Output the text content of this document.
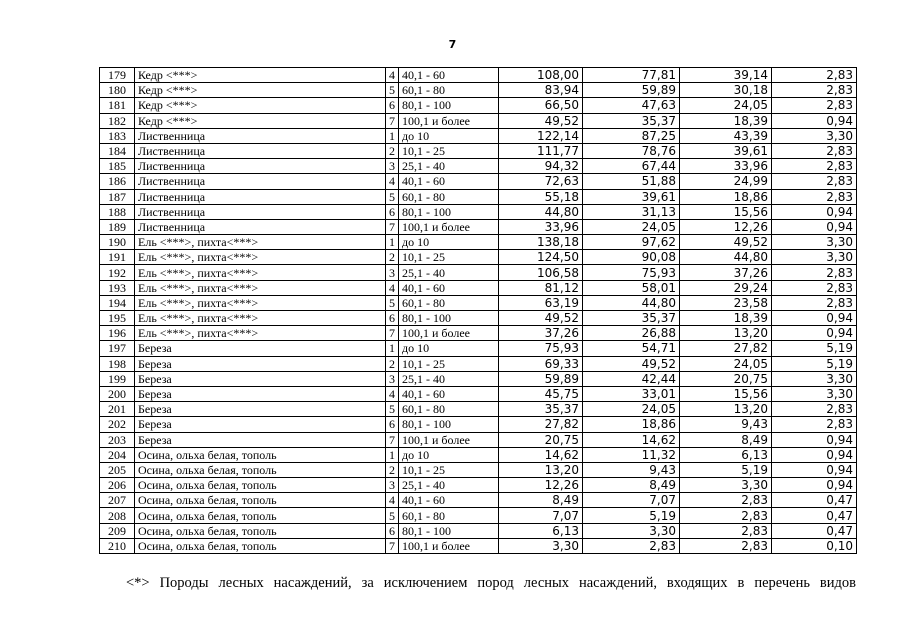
7
179	Кедр <***>	4	40,1 - 60	108,00	77,81	39,14	2,83
180	Кедр <***>	5	60,1 - 80	83,94	59,89	30,18	2,83
181	Кедр <***>	6	80,1 - 100	66,50	47,63	24,05	2,83
182	Кедр <***>	7	100,1 и более	49,52	35,37	18,39	0,94
183	Лиственница	1	до 10	122,14	87,25	43,39	3,30
184	Лиственница	2	10,1 - 25	111,77	78,76	39,61	2,83
185	Лиственница	3	25,1 - 40	94,32	67,44	33,96	2,83
186	Лиственница	4	40,1 - 60	72,63	51,88	24,99	2,83
187	Лиственница	5	60,1 - 80	55,18	39,61	18,86	2,83
188	Лиственница	6	80,1 - 100	44,80	31,13	15,56	0,94
189	Лиственница	7	100,1 и более	33,96	24,05	12,26	0,94
190	Ель <***>, пихта<***>	1	до 10	138,18	97,62	49,52	3,30
191	Ель <***>, пихта<***>	2	10,1 - 25	124,50	90,08	44,80	3,30
192	Ель <***>, пихта<***>	3	25,1 - 40	106,58	75,93	37,26	2,83
193	Ель <***>, пихта<***>	4	40,1 - 60	81,12	58,01	29,24	2,83
194	Ель <***>, пихта<***>	5	60,1 - 80	63,19	44,80	23,58	2,83
195	Ель <***>, пихта<***>	6	80,1 - 100	49,52	35,37	18,39	0,94
196	Ель <***>, пихта<***>	7	100,1 и более	37,26	26,88	13,20	0,94
197	Береза	1	до 10	75,93	54,71	27,82	5,19
198	Береза	2	10,1 - 25	69,33	49,52	24,05	5,19
199	Береза	3	25,1 - 40	59,89	42,44	20,75	3,30
200	Береза	4	40,1 - 60	45,75	33,01	15,56	3,30
201	Береза	5	60,1 - 80	35,37	24,05	13,20	2,83
202	Береза	6	80,1 - 100	27,82	18,86	9,43	2,83
203	Береза	7	100,1 и более	20,75	14,62	8,49	0,94
204	Осина, ольха белая, тополь	1	до 10	14,62	11,32	6,13	0,94
205	Осина, ольха белая, тополь	2	10,1 - 25	13,20	9,43	5,19	0,94
206	Осина, ольха белая, тополь	3	25,1 - 40	12,26	8,49	3,30	0,94
207	Осина, ольха белая, тополь	4	40,1 - 60	8,49	7,07	2,83	0,47
208	Осина, ольха белая, тополь	5	60,1 - 80	7,07	5,19	2,83	0,47
209	Осина, ольха белая, тополь	6	80,1 - 100	6,13	3,30	2,83	0,47
210	Осина, ольха белая, тополь	7	100,1 и более	3,30	2,83	2,83	0,10
<*> Породы лесных насаждений, за исключением пород лесных насаждений, входящих в перечень видов
